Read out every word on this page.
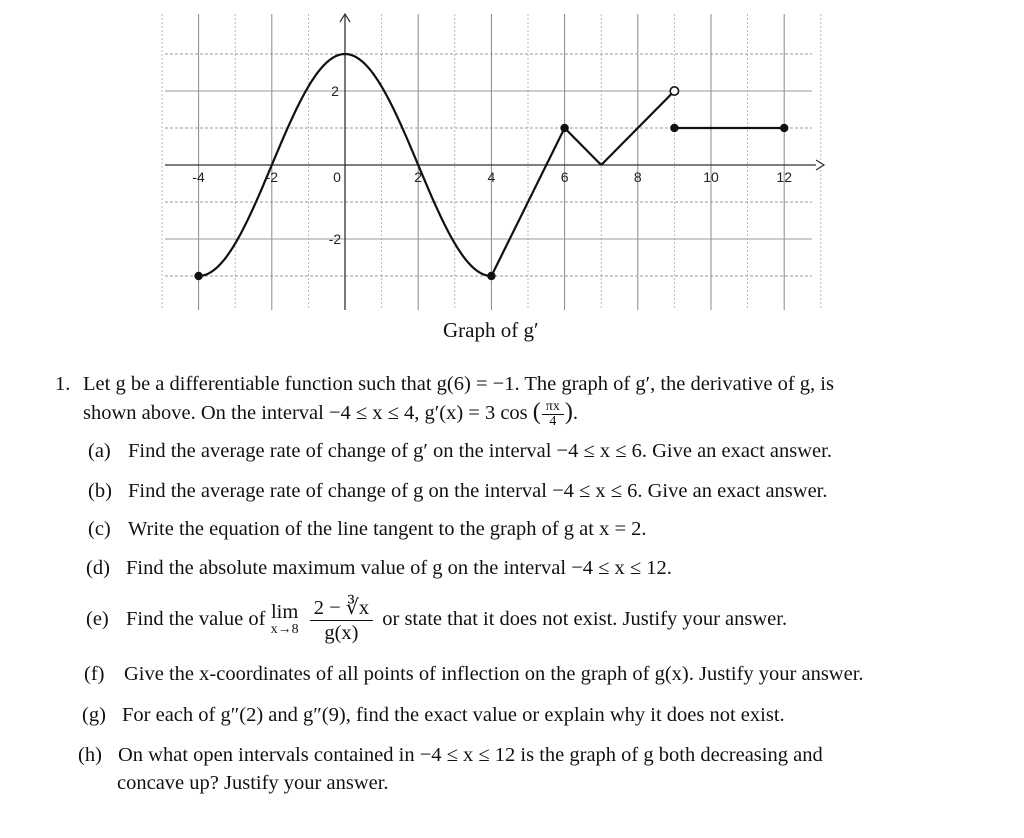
-4	-2	0	2	4	6	8	10	12
2
-2
Graph of g′
1. Let g be a differentiable function such that g(6) = −1. The graph of g′, the derivative of g, is
shown above. On the interval −4 ≤ x ≤ 4, g′(x) = 3 cos ( $\frac{\pi x}{4}$ ).
(a) Find the average rate of change of g′ on the interval −4 ≤ x ≤ 6. Give an exact answer.
(b) Find the average rate of change of g on the interval −4 ≤ x ≤ 6. Give an exact answer.
(c) Write the equation of the line tangent to the graph of g at x = 2.
(d) Find the absolute maximum value of g on the interval −4 ≤ x ≤ 12.
(e) Find the value of lim
x→8
$\frac{2 - ∛x}{g(x)}$ or state that it does not exist. Justify your answer.
(f) Give the x-coordinates of all points of inflection on the graph of g(x). Justify your answer.
(g) For each of g″(2) and g″(9), find the exact value or explain why it does not exist.
(h) On what open intervals contained in −4 ≤ x ≤ 12 is the graph of g both decreasing and
concave up? Justify your answer.
